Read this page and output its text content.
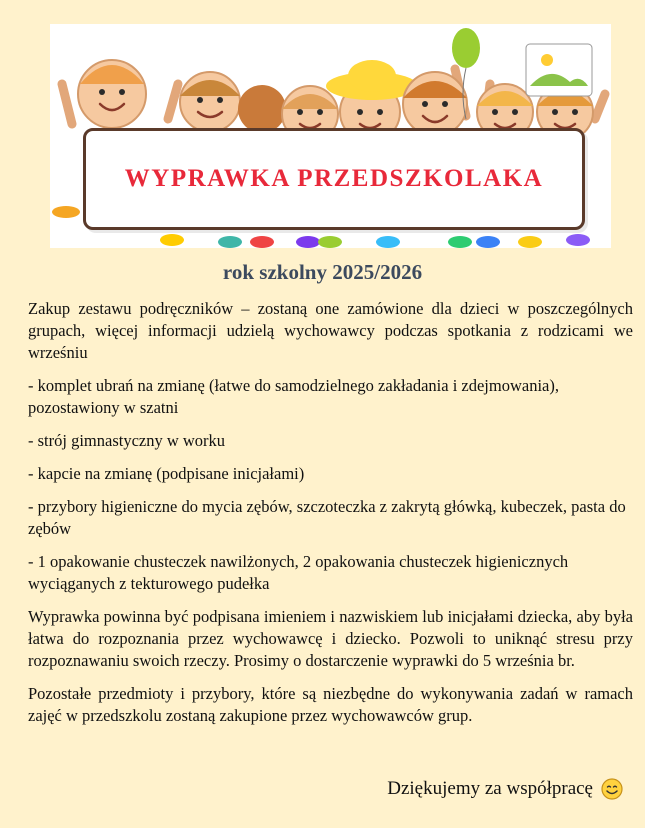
WYPRAWKA PRZEDSZKOLAKA
rok szkolny 2025/2026

Zakup zestawu podręczników – zostaną one zamówione dla dzieci w poszczególnych grupach, więcej informacji udzielą wychowawcy podczas spotkania z rodzicami we wrześniu

- komplet ubrań na zmianę (łatwe do samodzielnego zakładania i zdejmowania), pozostawiony w szatni

- strój gimnastyczny w worku

- kapcie na zmianę (podpisane inicjałami)

- przybory higieniczne do mycia zębów, szczoteczka z zakrytą główką, kubeczek, pasta do zębów

- 1 opakowanie chusteczek nawilżonych, 2 opakowania chusteczek higienicznych wyciąganych z tekturowego pudełka

Wyprawka powinna być podpisana imieniem i nazwiskiem lub inicjałami dziecka, aby była łatwa do rozpoznania przez wychowawcę i dziecko. Pozwoli to uniknąć stresu przy rozpoznawaniu swoich rzeczy. Prosimy o dostarczenie wyprawki do 5 września br.

Pozostałe przedmioty i przybory, które są niezbędne do wykonywania zadań w ramach zajęć w przedszkolu zostaną zakupione przez wychowawców grup.

Dziękujemy za współpracę
